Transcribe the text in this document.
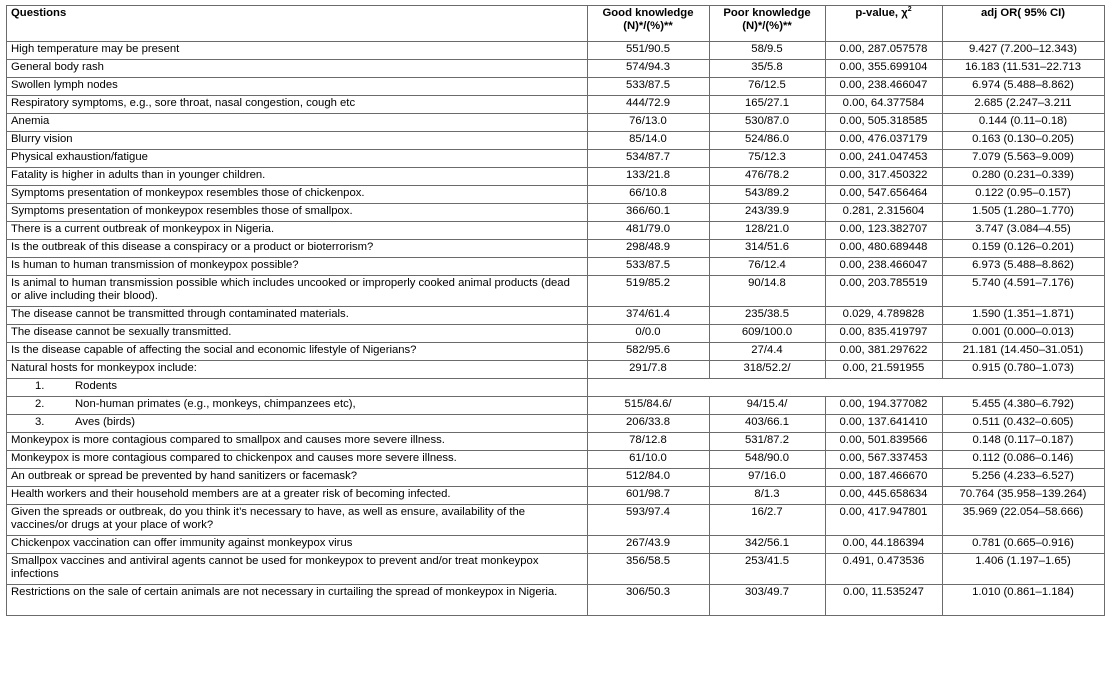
Questions	Good knowledge (N)*/(%)**	Poor knowledge (N)*/(%)**	p-value, $\chi^2$	adj OR( 95% CI)
High temperature may be present	551/90.5	58/9.5	0.00, 287.057578	9.427 (7.200–12.343)
General body rash	574/94.3	35/5.8	0.00, 355.699104	16.183 (11.531–22.713
Swollen lymph nodes	533/87.5	76/12.5	0.00, 238.466047	6.974 (5.488–8.862)
Respiratory symptoms, e.g., sore throat, nasal congestion, cough etc	444/72.9	165/27.1	0.00, 64.377584	2.685 (2.247–3.211
Anemia	76/13.0	530/87.0	0.00, 505.318585	0.144 (0.11–0.18)
Blurry vision	85/14.0	524/86.0	0.00, 476.037179	0.163 (0.130–0.205)
Physical exhaustion/fatigue	534/87.7	75/12.3	0.00, 241.047453	7.079 (5.563–9.009)
Fatality is higher in adults than in younger children.	133/21.8	476/78.2	0.00, 317.450322	0.280 (0.231–0.339)
Symptoms presentation of monkeypox resembles those of chickenpox.	66/10.8	543/89.2	0.00, 547.656464	0.122 (0.95–0.157)
Symptoms presentation of monkeypox resembles those of smallpox.	366/60.1	243/39.9	0.281, 2.315604	1.505 (1.280–1.770)
There is a current outbreak of monkeypox in Nigeria.	481/79.0	128/21.0	0.00, 123.382707	3.747 (3.084–4.55)
Is the outbreak of this disease a conspiracy or a product or bioterrorism?	298/48.9	314/51.6	0.00, 480.689448	0.159 (0.126–0.201)
Is human to human transmission of monkeypox possible?	533/87.5	76/12.4	0.00, 238.466047	6.973 (5.488–8.862)
Is animal to human transmission possible which includes uncooked or improperly cooked animal products (dead or alive including their blood).	519/85.2	90/14.8	0.00, 203.785519	5.740 (4.591–7.176)
The disease cannot be transmitted through contaminated materials.	374/61.4	235/38.5	0.029, 4.789828	1.590 (1.351–1.871)
The disease cannot be sexually transmitted.	0/0.0	609/100.0	0.00, 835.419797	0.001 (0.000–0.013)
Is the disease capable of affecting the social and economic lifestyle of Nigerians?	582/95.6	27/4.4	0.00, 381.297622	21.181 (14.450–31.051)
Natural hosts for monkeypox include:	291/7.8	318/52.2/	0.00, 21.591955	0.915 (0.780–1.073)
1. Rodents				
2. Non-human primates (e.g., monkeys, chimpanzees etc),	515/84.6/	94/15.4/	0.00, 194.377082	5.455 (4.380–6.792)
3. Aves (birds)	206/33.8	403/66.1	0.00, 137.641410	0.511 (0.432–0.605)
Monkeypox is more contagious compared to smallpox and causes more severe illness.	78/12.8	531/87.2	0.00, 501.839566	0.148 (0.117–0.187)
Monkeypox is more contagious compared to chickenpox and causes more severe illness.	61/10.0	548/90.0	0.00, 567.337453	0.112 (0.086–0.146)
An outbreak or spread be prevented by hand sanitizers or facemask?	512/84.0	97/16.0	0.00, 187.466670	5.256 (4.233–6.527)
Health workers and their household members are at a greater risk of becoming infected.	601/98.7	8/1.3	0.00, 445.658634	70.764 (35.958–139.264)
Given the spreads or outbreak, do you think it’s necessary to have, as well as ensure, availability of the vaccines/or drugs at your place of work?	593/97.4	16/2.7	0.00, 417.947801	35.969 (22.054–58.666)
Chickenpox vaccination can offer immunity against monkeypox virus	267/43.9	342/56.1	0.00, 44.186394	0.781 (0.665–0.916)
Smallpox vaccines and antiviral agents cannot be used for monkeypox to prevent and/or treat monkeypox infections	356/58.5	253/41.5	0.491, 0.473536	1.406 (1.197–1.65)
Restrictions on the sale of certain animals are not necessary in curtailing the spread of monkeypox in Nigeria.	306/50.3	303/49.7	0.00, 11.535247	1.010 (0.861–1.184)
